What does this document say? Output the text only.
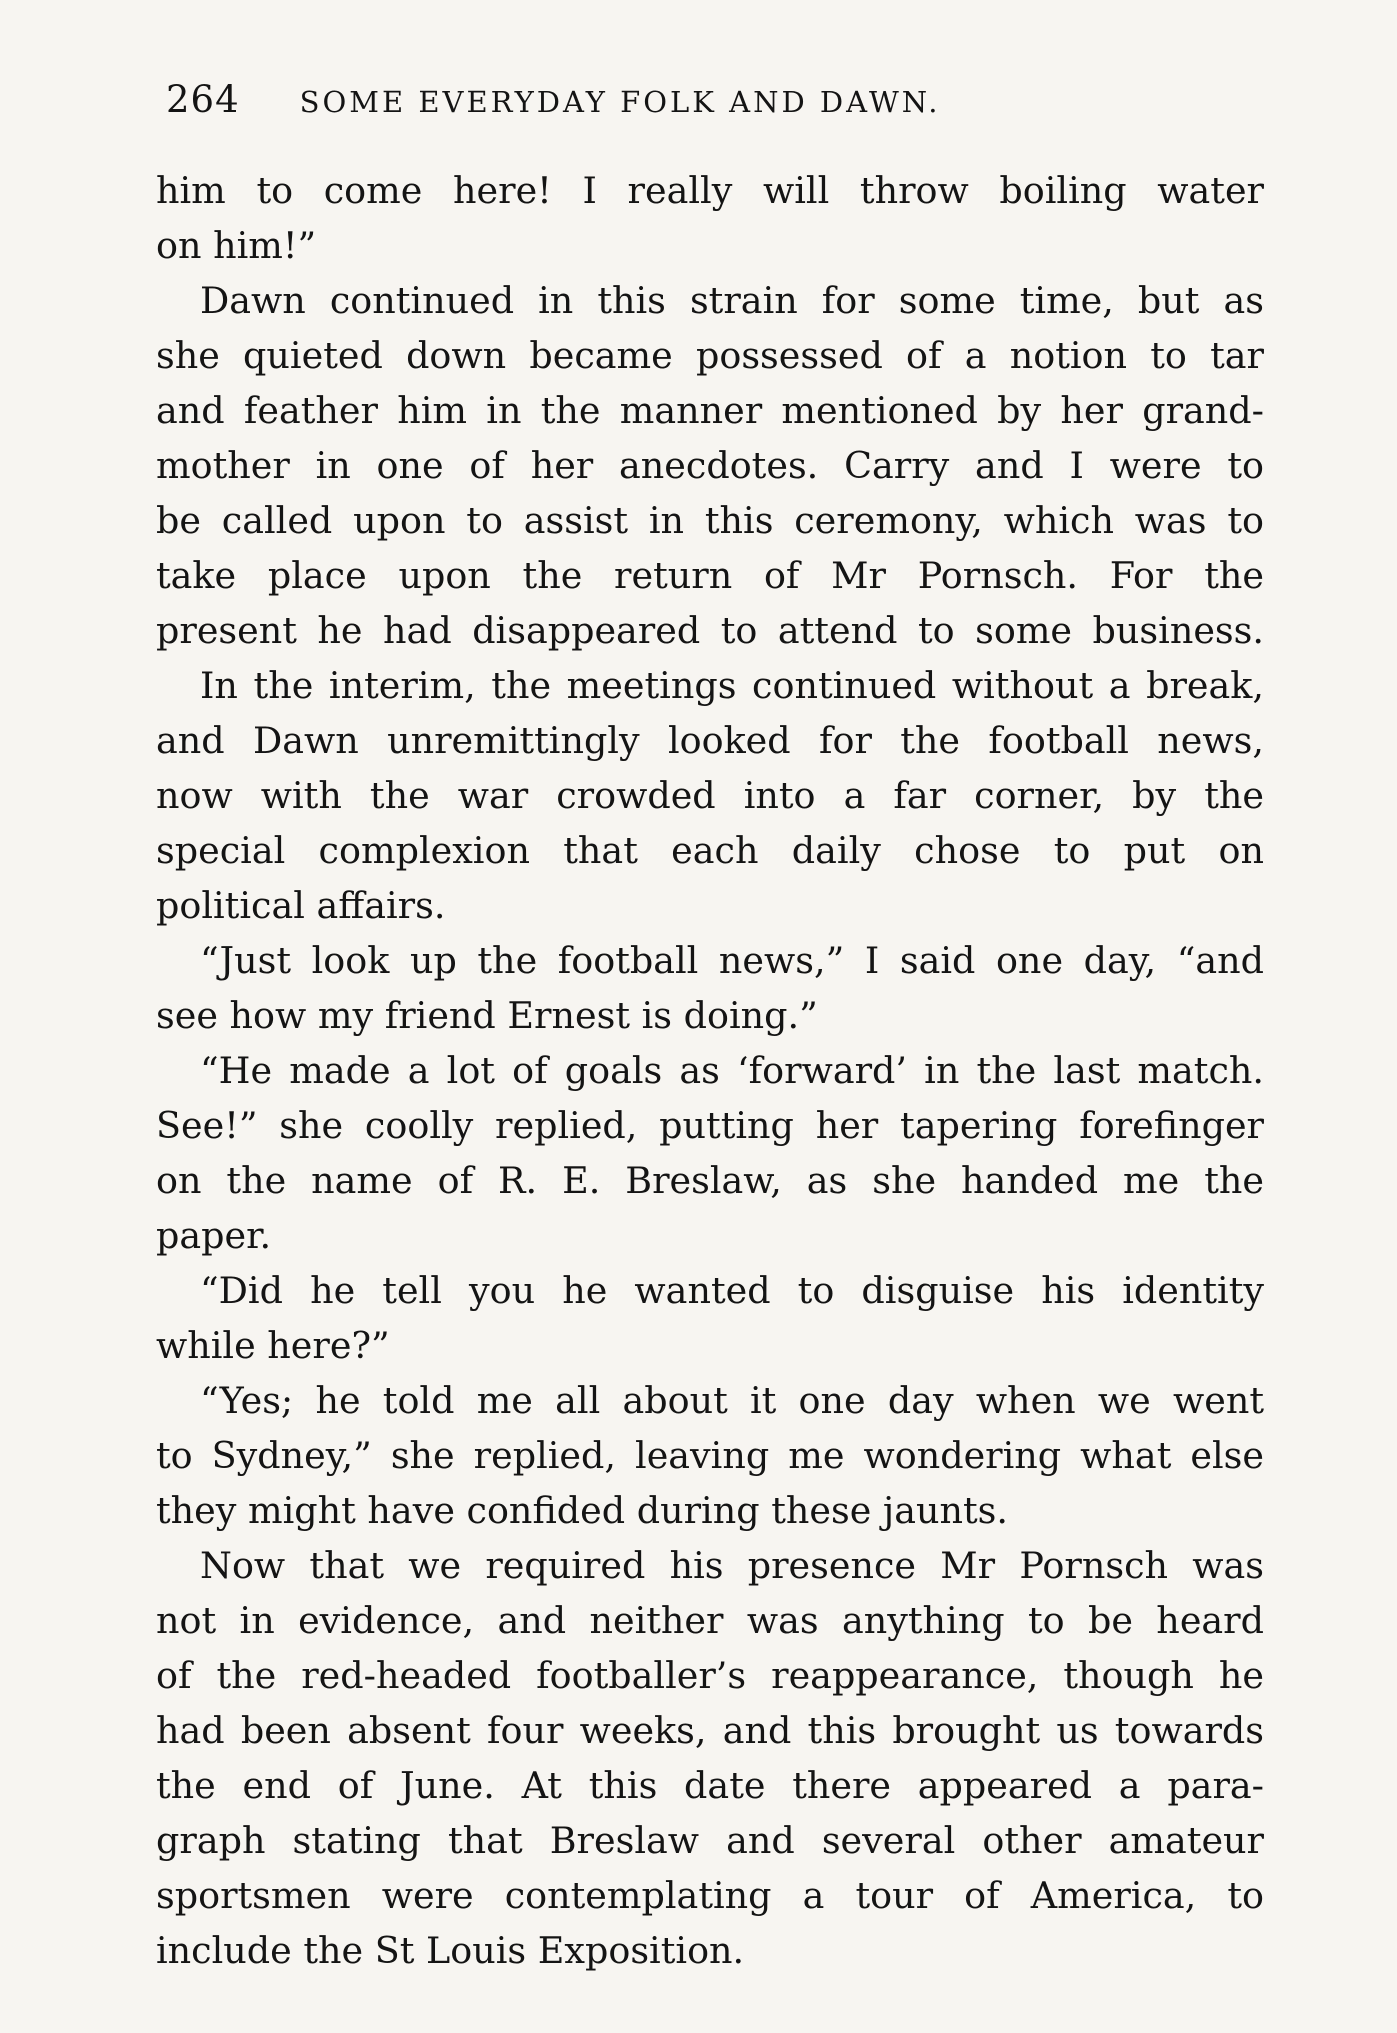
264 SOME EVERYDAY FOLK AND DAWN.
him to come here! I really will throw boiling water
on him!”
Dawn continued in this strain for some time, but as
she quieted down became possessed of a notion to tar
and feather him in the manner mentioned by her grand-
mother in one of her anecdotes. Carry and I were to
be called upon to assist in this ceremony, which was to
take place upon the return of Mr Pornsch. For the
present he had disappeared to attend to some business.
In the interim, the meetings continued without a break,
and Dawn unremittingly looked for the football news,
now with the war crowded into a far corner, by the
special complexion that each daily chose to put on
political affairs.
“Just look up the football news,” I said one day, “and
see how my friend Ernest is doing.”
“He made a lot of goals as ‘forward’ in the last match.
See!” she coolly replied, putting her tapering forefinger
on the name of R. E. Breslaw, as she handed me the
paper.
“Did he tell you he wanted to disguise his identity
while here?”
“Yes; he told me all about it one day when we went
to Sydney,” she replied, leaving me wondering what else
they might have confided during these jaunts.
Now that we required his presence Mr Pornsch was
not in evidence, and neither was anything to be heard
of the red-headed footballer’s reappearance, though he
had been absent four weeks, and this brought us towards
the end of June. At this date there appeared a para-
graph stating that Breslaw and several other amateur
sportsmen were contemplating a tour of America, to
include the St Louis Exposition.
